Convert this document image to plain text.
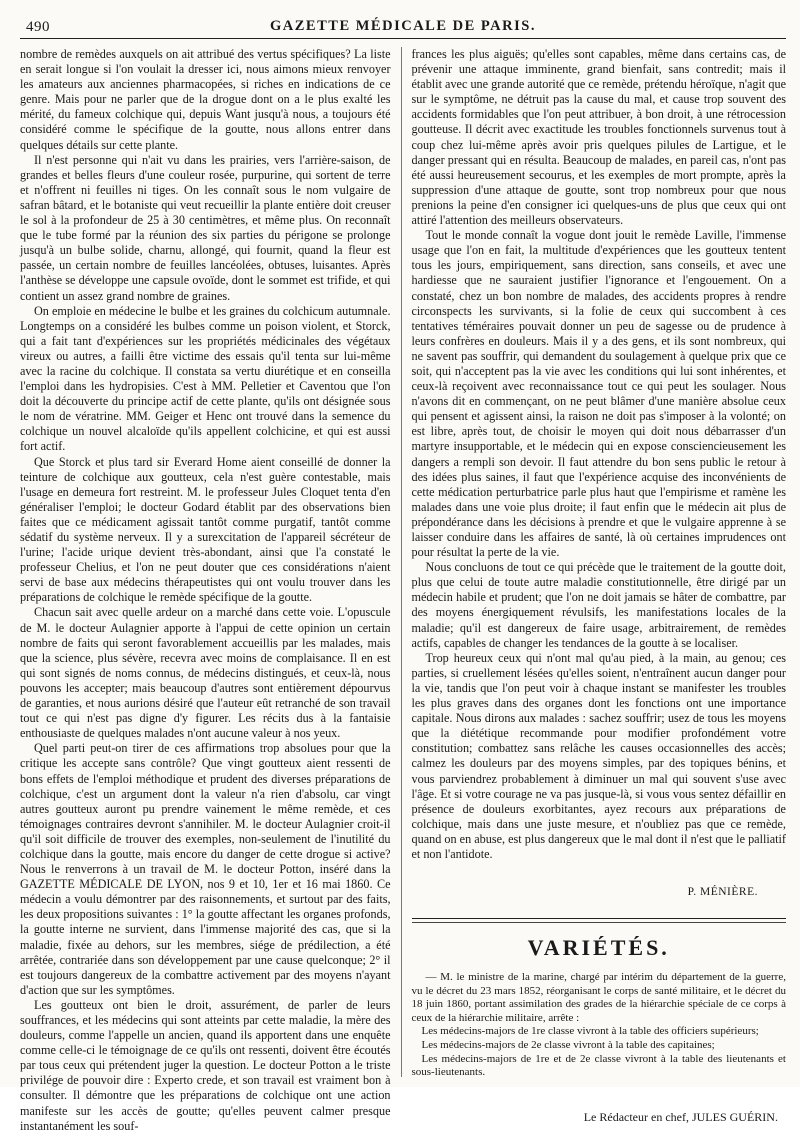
490	GAZETTE MÉDICALE DE PARIS.

nombre de remèdes auxquels on ait attribué des vertus spécifiques? La liste en serait longue si l'on voulait la dresser ici, nous aimons mieux renvoyer les amateurs aux anciennes pharmacopées, si riches en indications de ce genre. Mais pour ne parler que de la drogue dont on a le plus exalté les mérité, du fameux colchique qui, depuis Want jusqu'à nous, a toujours été considéré comme le spécifique de la goutte, nous allons entrer dans quelques détails sur cette plante.

Il n'est personne qui n'ait vu dans les prairies, vers l'arrière-saison, de grandes et belles fleurs d'une couleur rosée, purpurine, qui sortent de terre et n'offrent ni feuilles ni tiges. On les connaît sous le nom vulgaire de safran bâtard, et le botaniste qui veut recueillir la plante entière doit creuser le sol à la profondeur de 25 à 30 centimètres, et même plus. On reconnaît que le tube formé par la réunion des six parties du périgone se prolonge jusqu'à un bulbe solide, charnu, allongé, qui fournit, quand la fleur est passée, un certain nombre de feuilles lancéolées, obtuses, luisantes. Après l'anthèse se développe une capsule ovoïde, dont le sommet est trifide, et qui contient un assez grand nombre de graines.

On emploie en médecine le bulbe et les graines du colchicum autumnale. Longtemps on a considéré les bulbes comme un poison violent, et Storck, qui a fait tant d'expériences sur les propriétés médicinales des végétaux vireux ou autres, a failli être victime des essais qu'il tenta sur lui-même avec la racine du colchique. Il constata sa vertu diurétique et en conseilla l'emploi dans les hydropisies. C'est à MM. Pelletier et Caventou que l'on doit la découverte du principe actif de cette plante, qu'ils ont désignée sous le nom de vératrine. MM. Geiger et Henc ont trouvé dans la semence du colchique un nouvel alcaloïde qu'ils appellent colchicine, et qui est aussi fort actif.

Que Storck et plus tard sir Everard Home aient conseillé de donner la teinture de colchique aux goutteux, cela n'est guère contestable, mais l'usage en demeura fort restreint. M. le professeur Jules Cloquet tenta d'en généraliser l'emploi; le docteur Godard établit par des observations bien faites que ce médicament agissait tantôt comme purgatif, tantôt comme sédatif du système nerveux. Il y a surexcitation de l'appareil sécréteur de l'urine; l'acide urique devient très-abondant, ainsi que l'a constaté le professeur Chelius, et l'on ne peut douter que ces considérations n'aient servi de base aux médecins thérapeutistes qui ont voulu trouver dans les préparations de colchique le remède spécifique de la goutte.

Chacun sait avec quelle ardeur on a marché dans cette voie. L'opuscule de M. le docteur Aulagnier apporte à l'appui de cette opinion un certain nombre de faits qui seront favorablement accueillis par les malades, mais que la science, plus sévère, recevra avec moins de complaisance. Il en est qui sont signés de noms connus, de médecins distingués, et ceux-là, nous pouvons les accepter; mais beaucoup d'autres sont entièrement dépourvus de garanties, et nous aurions désiré que l'auteur eût retranché de son travail tout ce qui n'est pas digne d'y figurer. Les récits dus à la fantaisie enthousiaste de quelques malades n'ont aucune valeur à nos yeux.

Quel parti peut-on tirer de ces affirmations trop absolues pour que la critique les accepte sans contrôle? Que vingt goutteux aient ressenti de bons effets de l'emploi méthodique et prudent des diverses préparations de colchique, c'est un argument dont la valeur n'a rien d'absolu, car vingt autres goutteux auront pu prendre vainement le même remède, et ces témoignages contraires devront s'annihiler. M. le docteur Aulagnier croit-il qu'il soit difficile de trouver des exemples, non-seulement de l'inutilité du colchique dans la goutte, mais encore du danger de cette drogue si active? Nous le renverrons à un travail de M. le docteur Potton, inséré dans la GAZETTE MÉDICALE DE LYON, nos 9 et 10, 1er et 16 mai 1860. Ce médecin a voulu démontrer par des raisonnements, et surtout par des faits, les deux propositions suivantes : 1° la goutte affectant les organes profonds, la goutte interne ne survient, dans l'immense majorité des cas, que si la maladie, fixée au dehors, sur les membres, siége de prédilection, a été arrêtée, contrariée dans son développement par une cause quelconque; 2° il est toujours dangereux de la combattre activement par des moyens n'ayant d'action que sur les symptômes.

Les goutteux ont bien le droit, assurément, de parler de leurs souffrances, et les médecins qui sont atteints par cette maladie, la mère des douleurs, comme l'appelle un ancien, quand ils apportent dans une enquête comme celle-ci le témoignage de ce qu'ils ont ressenti, doivent être écoutés par tous ceux qui prétendent juger la question. Le docteur Potton a le triste privilége de pouvoir dire : Experto crede, et son travail est vraiment bon à consulter. Il démontre que les préparations de colchique ont une action manifeste sur les accès de goutte; qu'elles peuvent calmer presque instantanément les souf-

frances les plus aiguës; qu'elles sont capables, même dans certains cas, de prévenir une attaque imminente, grand bienfait, sans contredit; mais il établit avec une grande autorité que ce remède, prétendu héroïque, n'agit que sur le symptôme, ne détruit pas la cause du mal, et cause trop souvent des accidents formidables que l'on peut attribuer, à bon droit, à une rétrocession goutteuse. Il décrit avec exactitude les troubles fonctionnels survenus tout à coup chez lui-même après avoir pris quelques pilules de Lartigue, et le danger pressant qui en résulta. Beaucoup de malades, en pareil cas, n'ont pas été aussi heureusement secourus, et les exemples de mort prompte, après la suppression d'une attaque de goutte, sont trop nombreux pour que nous prenions la peine d'en consigner ici quelques-uns de plus que ceux qui ont attiré l'attention des meilleurs observateurs.

Tout le monde connaît la vogue dont jouit le remède Laville, l'immense usage que l'on en fait, la multitude d'expériences que les goutteux tentent tous les jours, empiriquement, sans direction, sans conseils, et avec une hardiesse que ne sauraient justifier l'ignorance et l'engouement. On a constaté, chez un bon nombre de malades, des accidents propres à rendre circonspects les survivants, si la folie de ceux qui succombent à ces tentatives téméraires pouvait donner un peu de sagesse ou de prudence à leurs confrères en douleurs. Mais il y a des gens, et ils sont nombreux, qui ne savent pas souffrir, qui demandent du soulagement à quelque prix que ce soit, qui n'acceptent pas la vie avec les conditions qui lui sont inhérentes, et ceux-là reçoivent avec reconnaissance tout ce qui peut les soulager. Nous n'avons dit en commençant, on ne peut blâmer d'une manière absolue ceux qui pensent et agissent ainsi, la raison ne doit pas s'imposer à la volonté; on est libre, après tout, de choisir le moyen qui doit nous débarrasser d'un martyre insupportable, et le médecin qui en expose consciencieusement les dangers a rempli son devoir. Il faut attendre du bon sens public le retour à des idées plus saines, il faut que l'expérience acquise des inconvénients de cette médication perturbatrice parle plus haut que l'empirisme et ramène les malades dans une voie plus droite; il faut enfin que le médecin ait plus de prépondérance dans les décisions à prendre et que le vulgaire apprenne à se laisser conduire dans les affaires de santé, là où certaines imprudences ont pour résultat la perte de la vie.

Nous concluons de tout ce qui précède que le traitement de la goutte doit, plus que celui de toute autre maladie constitutionnelle, être dirigé par un médecin habile et prudent; que l'on ne doit jamais se hâter de combattre, par des moyens énergiquement révulsifs, les manifestations locales de la maladie; qu'il est dangereux de faire usage, arbitrairement, de remèdes actifs, capables de changer les tendances de la goutte à se localiser.

Trop heureux ceux qui n'ont mal qu'au pied, à la main, au genou; ces parties, si cruellement lésées qu'elles soient, n'entraînent aucun danger pour la vie, tandis que l'on peut voir à chaque instant se manifester les troubles les plus graves dans des organes dont les fonctions ont une importance capitale. Nous dirons aux malades : sachez souffrir; usez de tous les moyens que la diététique recommande pour modifier profondément votre constitution; combattez sans relâche les causes occasionnelles des accès; calmez les douleurs par des moyens simples, par des topiques bénins, et vous parviendrez probablement à diminuer un mal qui souvent s'use avec l'âge. Et si votre courage ne va pas jusque-là, si vous vous sentez défaillir en présence de douleurs exorbitantes, ayez recours aux préparations de colchique, mais dans une juste mesure, et n'oubliez pas que ce remède, quand on en abuse, est plus dangereux que le mal dont il n'est que le palliatif et non l'antidote.

P. MÉNIÈRE.
VARIÉTÉS.

— M. le ministre de la marine, chargé par intérim du département de la guerre, vu le décret du 23 mars 1852, réorganisant le corps de santé militaire, et le décret du 18 juin 1860, portant assimilation des grades de la hiérarchie spéciale de ce corps à ceux de la hiérarchie militaire, arrête :

Les médecins-majors de 1re classe vivront à la table des officiers supérieurs;

Les médecins-majors de 2e classe vivront à la table des capitaines;

Les médecins-majors de 1re et de 2e classe vivront à la table des lieutenants et sous-lieutenants.

Le Rédacteur en chef, JULES GUÉRIN.
